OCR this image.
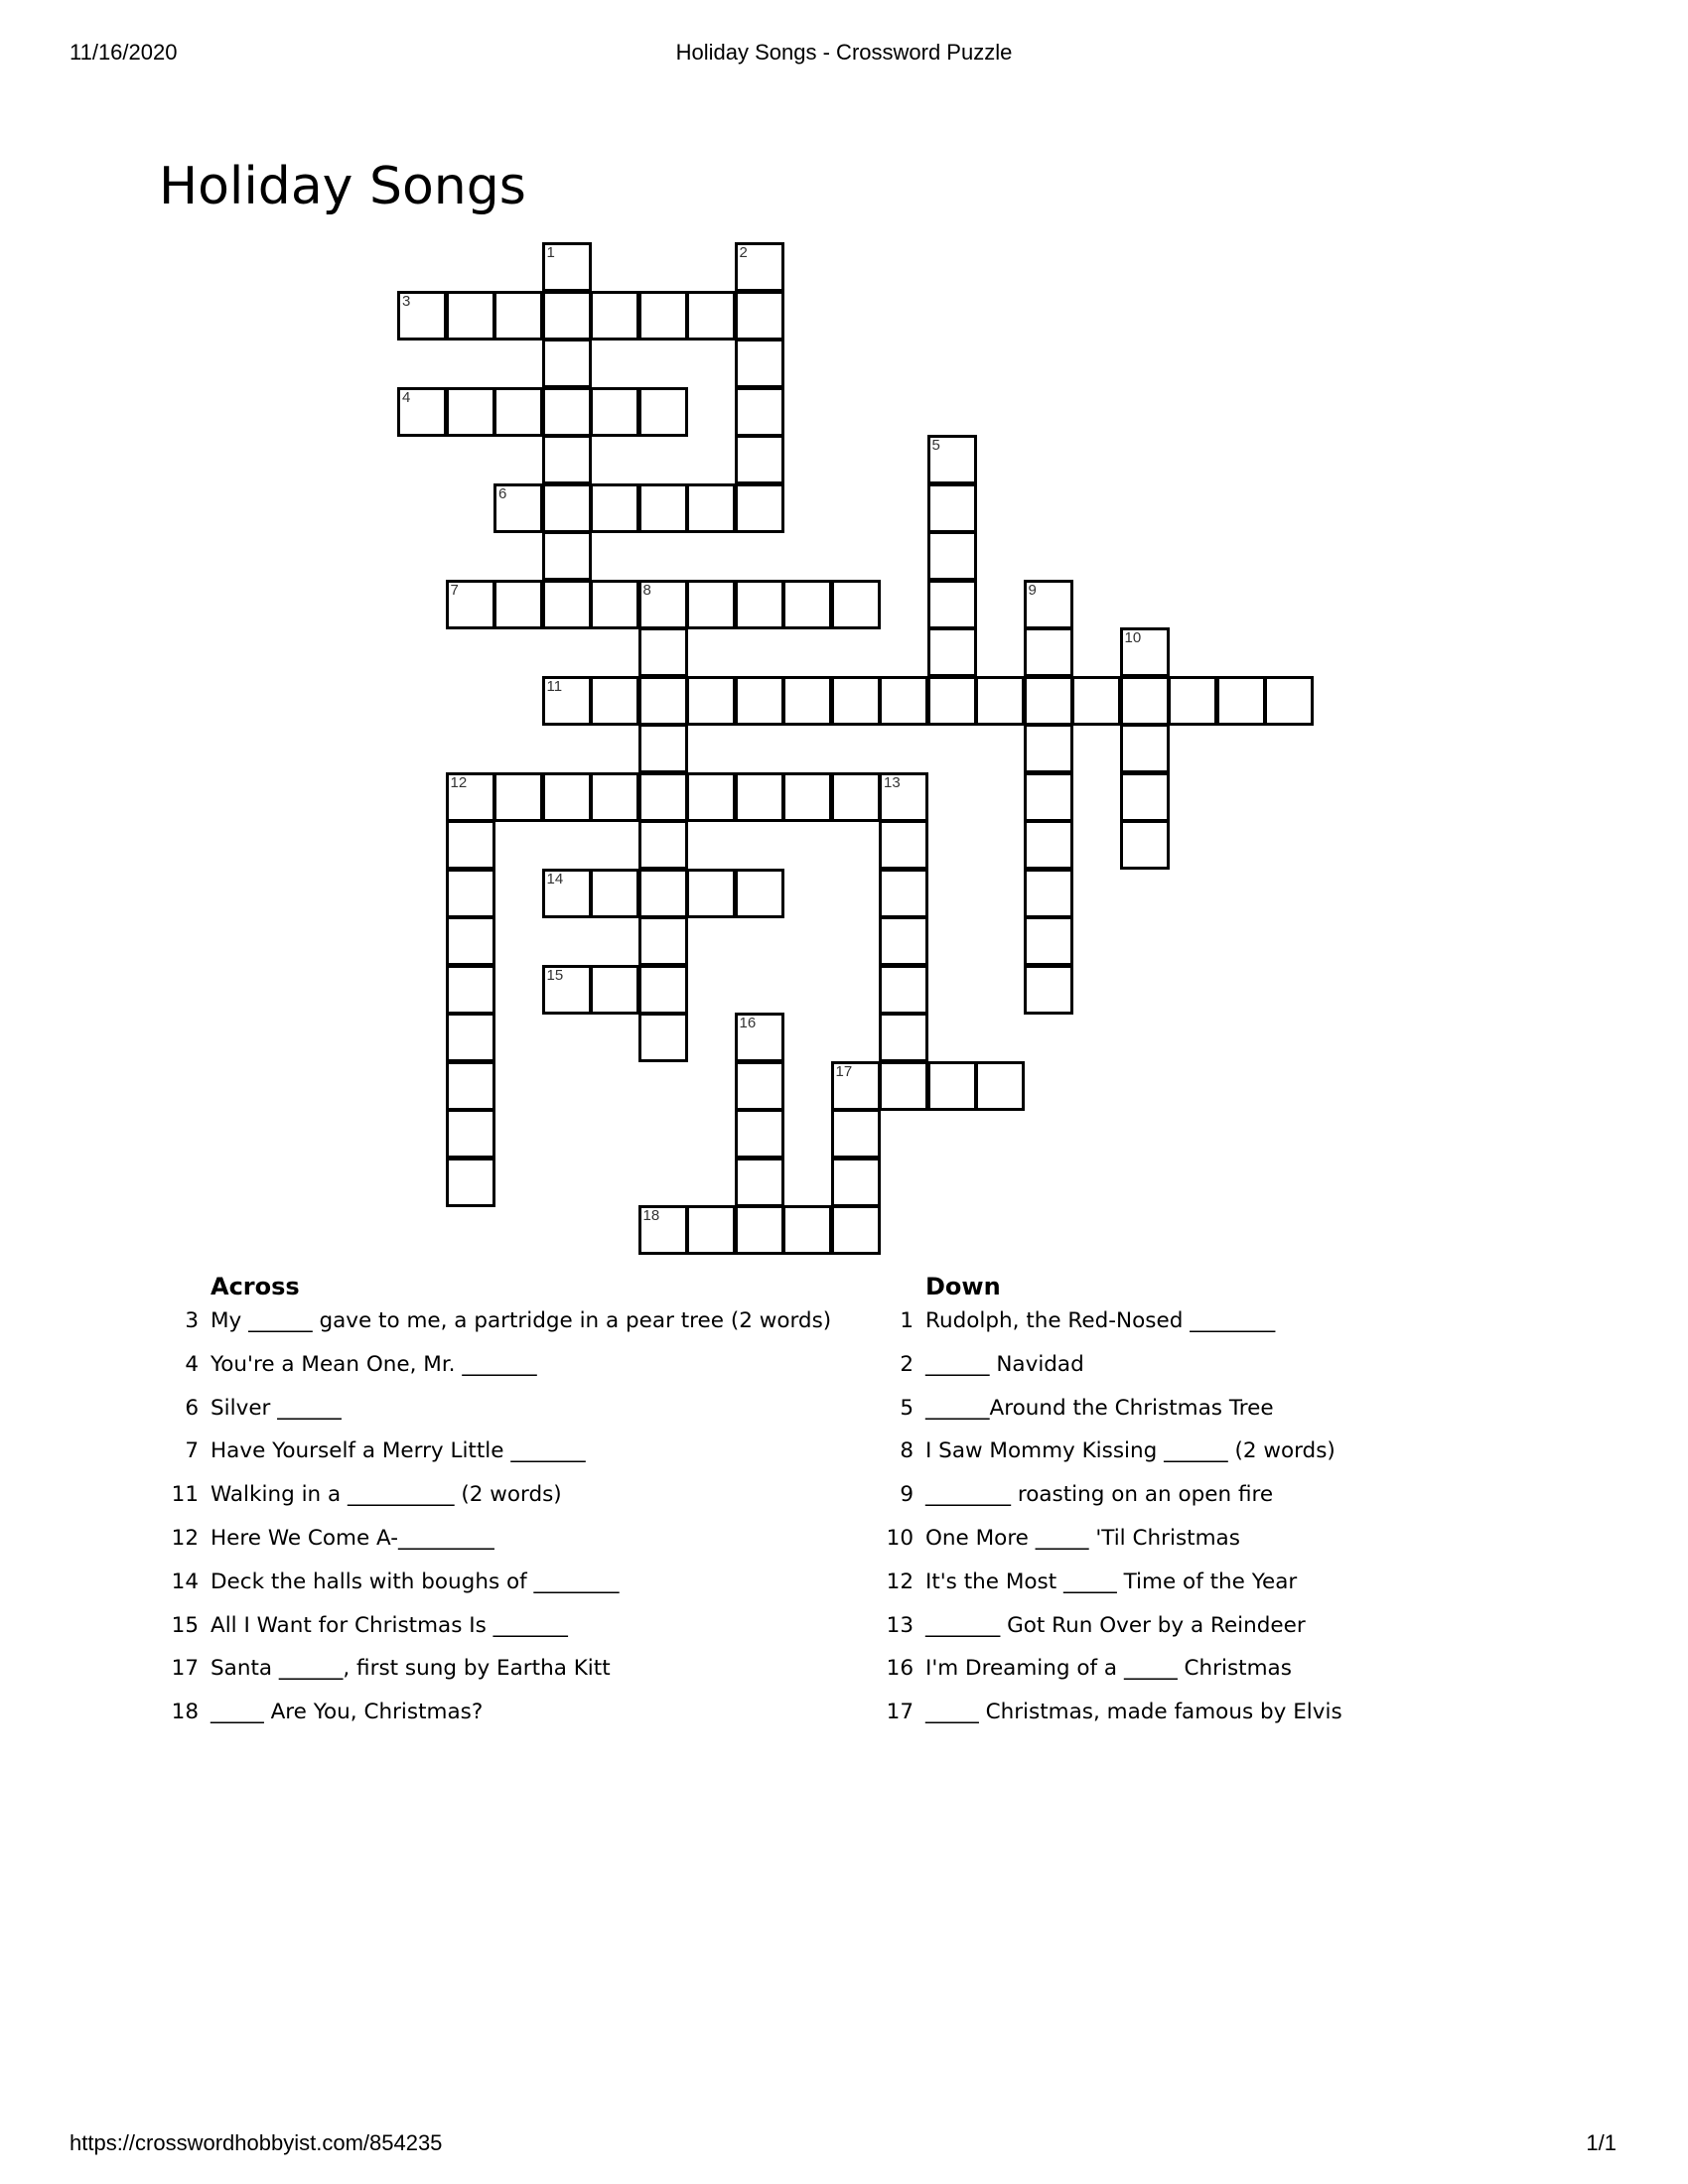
11/16/2020	Holiday Songs - Crossword Puzzle
Holiday Songs
1	2
3
4
5
6
7	8	9
10
11
12	13
14
15
16
17
18
Across
3 My ______ gave to me, a partridge in a pear tree (2 words)
4 You're a Mean One, Mr. _______
6 Silver ______
7 Have Yourself a Merry Little _______
11 Walking in a __________ (2 words)
12 Here We Come A-_________
14 Deck the halls with boughs of ________
15 All I Want for Christmas Is _______
17 Santa ______, first sung by Eartha Kitt
18 _____ Are You, Christmas?
Down
1 Rudolph, the Red-Nosed ________
2 ______ Navidad
5 ______Around the Christmas Tree
8 I Saw Mommy Kissing ______ (2 words)
9 ________ roasting on an open fire
10 One More _____ 'Til Christmas
12 It's the Most _____ Time of the Year
13 _______ Got Run Over by a Reindeer
16 I'm Dreaming of a _____ Christmas
17 _____ Christmas, made famous by Elvis
https://crosswordhobbyist.com/854235	1/1
